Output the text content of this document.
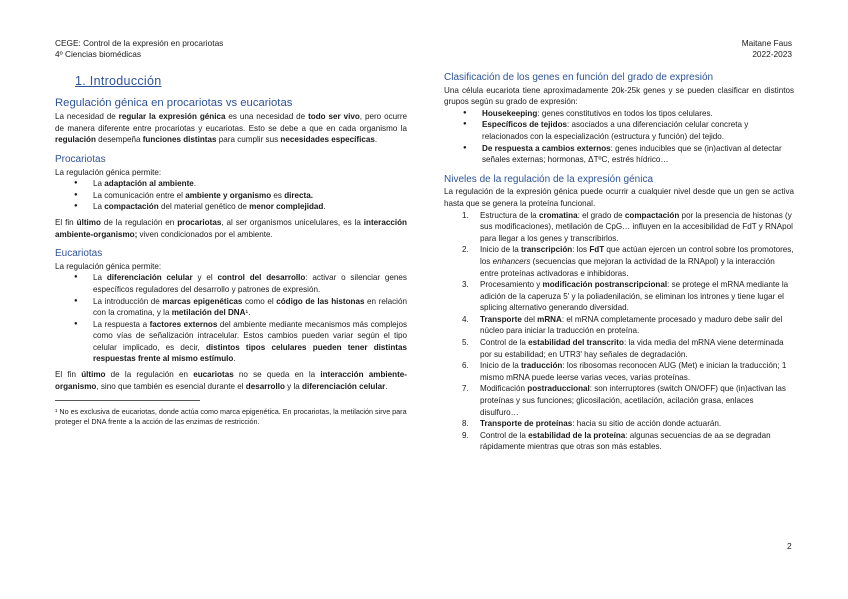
CEGE: Control de la expresión en procariotas
4º Ciencias biomédicas
Maitane Faus
2022-2023
1. Introducción
Regulación génica en procariotas vs eucariotas

La necesidad de regular la expresión génica es una necesidad de todo ser vivo, pero ocurre de manera diferente entre procariotas y eucariotas. Esto se debe a que en cada organismo la regulación desempeña funciones distintas para cumplir sus necesidades específicas.

Procariotas

La regulación génica permite:

● La adaptación al ambiente.
● La comunicación entre el ambiente y organismo es directa.
● La compactación del material genético de menor complejidad.

El fin último de la regulación en procariotas, al ser organismos unicelulares, es la interacción ambiente-organismo; viven condicionados por el ambiente.

Eucariotas

La regulación génica permite:

● La diferenciación celular y el control del desarrollo: activar o silenciar genes específicos reguladores del desarrollo y patrones de expresión.
● La introducción de marcas epigenéticas como el código de las histonas en relación con la cromatina, y la metilación del DNA¹.
● La respuesta a factores externos del ambiente mediante mecanismos más complejos como vías de señalización intracelular. Estos cambios pueden variar según el tipo celular implicado, es decir, distintos tipos celulares pueden tener distintas respuestas frente al mismo estímulo.

El fin último de la regulación en eucariotas no se queda en la interacción ambiente-organismo, sino que también es esencial durante el desarrollo y la diferenciación celular.

¹ No es exclusiva de eucariotas, donde actúa como marca epigenética. En procariotas, la metilación sirve para proteger el DNA frente a la acción de las enzimas de restricción.

Clasificación de los genes en función del grado de expresión

Una célula eucariota tiene aproximadamente 20k-25k genes y se pueden clasificar en distintos grupos según su grado de expresión:

● Housekeeping: genes constitutivos en todos los tipos celulares.
● Específicos de tejidos: asociados a una diferenciación celular concreta y relacionados con la especialización (estructura y función) del tejido.
● De respuesta a cambios externos: genes inducibles que se (in)activan al detectar señales externas; hormonas, ΔTºC, estrés hídrico…
Niveles de la regulación de la expresión génica

La regulación de la expresión génica puede ocurrir a cualquier nivel desde que un gen se activa hasta que se genera la proteína funcional.

1. Estructura de la cromatina: el grado de compactación por la presencia de histonas (y sus modificaciones), metilación de CpG… influyen en la accesibilidad de FdT y RNApol para llegar a los genes y transcribirlos.
2. Inicio de la transcripción: los FdT que actúan ejercen un control sobre los promotores, los enhancers (secuencias que mejoran la actividad de la RNApol) y la interacción entre proteínas activadoras e inhibidoras.
3. Procesamiento y modificación postranscripcional: se protege el mRNA mediante la adición de la caperuza 5' y la poliadenilación, se eliminan los intrones y tiene lugar el splicing alternativo generando diversidad.
4. Transporte del mRNA: el mRNA completamente procesado y maduro debe salir del núcleo para iniciar la traducción en proteína.
5. Control de la estabilidad del transcrito: la vida media del mRNA viene determinada por su estabilidad; en UTR3' hay señales de degradación.
6. Inicio de la traducción: los ribosomas reconocen AUG (Met) e inician la traducción; 1 mismo mRNA puede leerse varias veces, varias proteínas.
7. Modificación postraduccional: son interruptores (switch ON/OFF) que (in)activan las proteínas y sus funciones; glicosilación, acetilación, acilación grasa, enlaces disulfuro…
8. Transporte de proteínas: hacia su sitio de acción donde actuarán.
9. Control de la estabilidad de la proteína: algunas secuencias de aa se degradan rápidamente mientras que otras son más estables.
2
